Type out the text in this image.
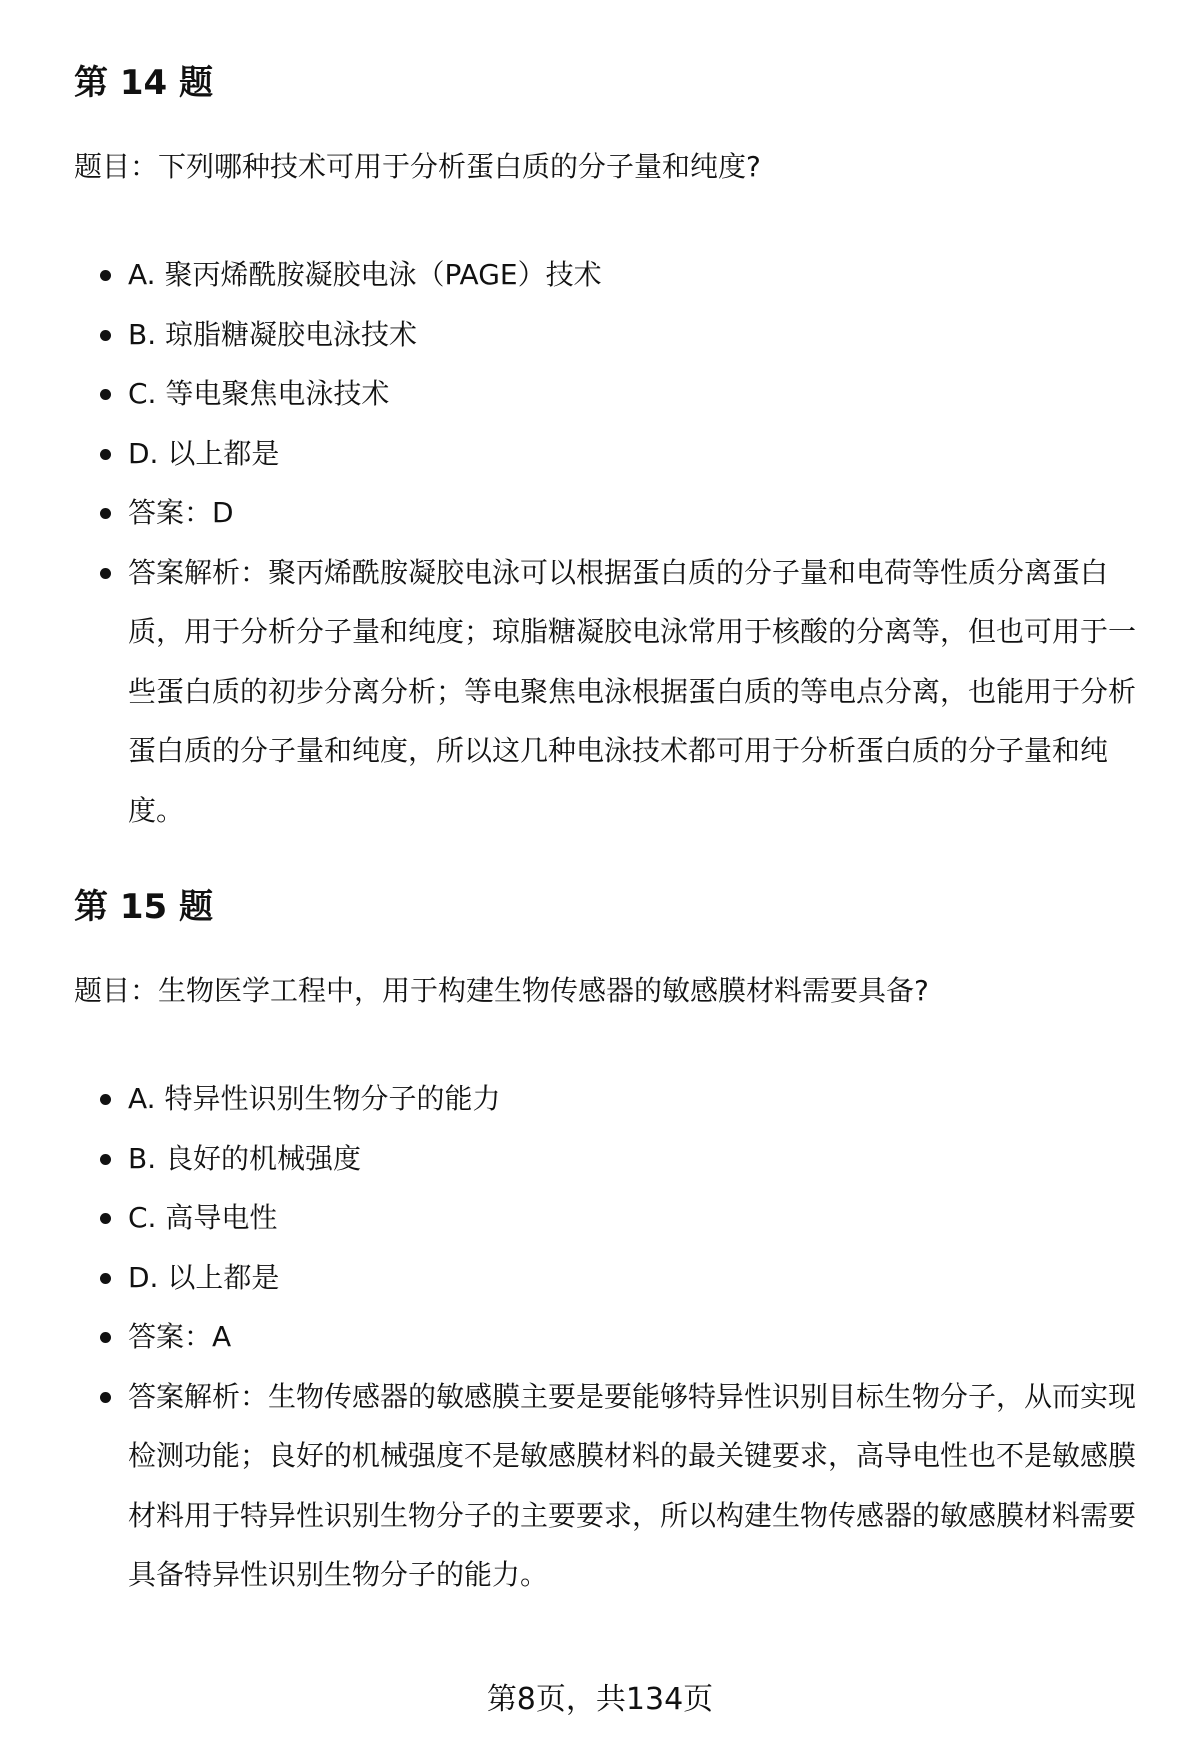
第 14 题

题目：下列哪种技术可用于分析蛋白质的分子量和纯度?

A. 聚丙烯酰胺凝胶电泳（PAGE）技术
B. 琼脂糖凝胶电泳技术
C. 等电聚焦电泳技术
D. 以上都是
答案：D
答案解析：聚丙烯酰胺凝胶电泳可以根据蛋白质的分子量和电荷等性质分离蛋白质，用于分析分子量和纯度；琼脂糖凝胶电泳常用于核酸的分离等，但也可用于一些蛋白质的初步分离分析；等电聚焦电泳根据蛋白质的等电点分离，也能用于分析蛋白质的分子量和纯度，所以这几种电泳技术都可用于分析蛋白质的分子量和纯度。
第 15 题

题目：生物医学工程中，用于构建生物传感器的敏感膜材料需要具备?

A. 特异性识别生物分子的能力
B. 良好的机械强度
C. 高导电性
D. 以上都是
答案：A
答案解析：生物传感器的敏感膜主要是要能够特异性识别目标生物分子，从而实现检测功能；良好的机械强度不是敏感膜材料的最关键要求，高导电性也不是敏感膜材料用于特异性识别生物分子的主要要求，所以构建生物传感器的敏感膜材料需要具备特异性识别生物分子的能力。
第8页，共134页
